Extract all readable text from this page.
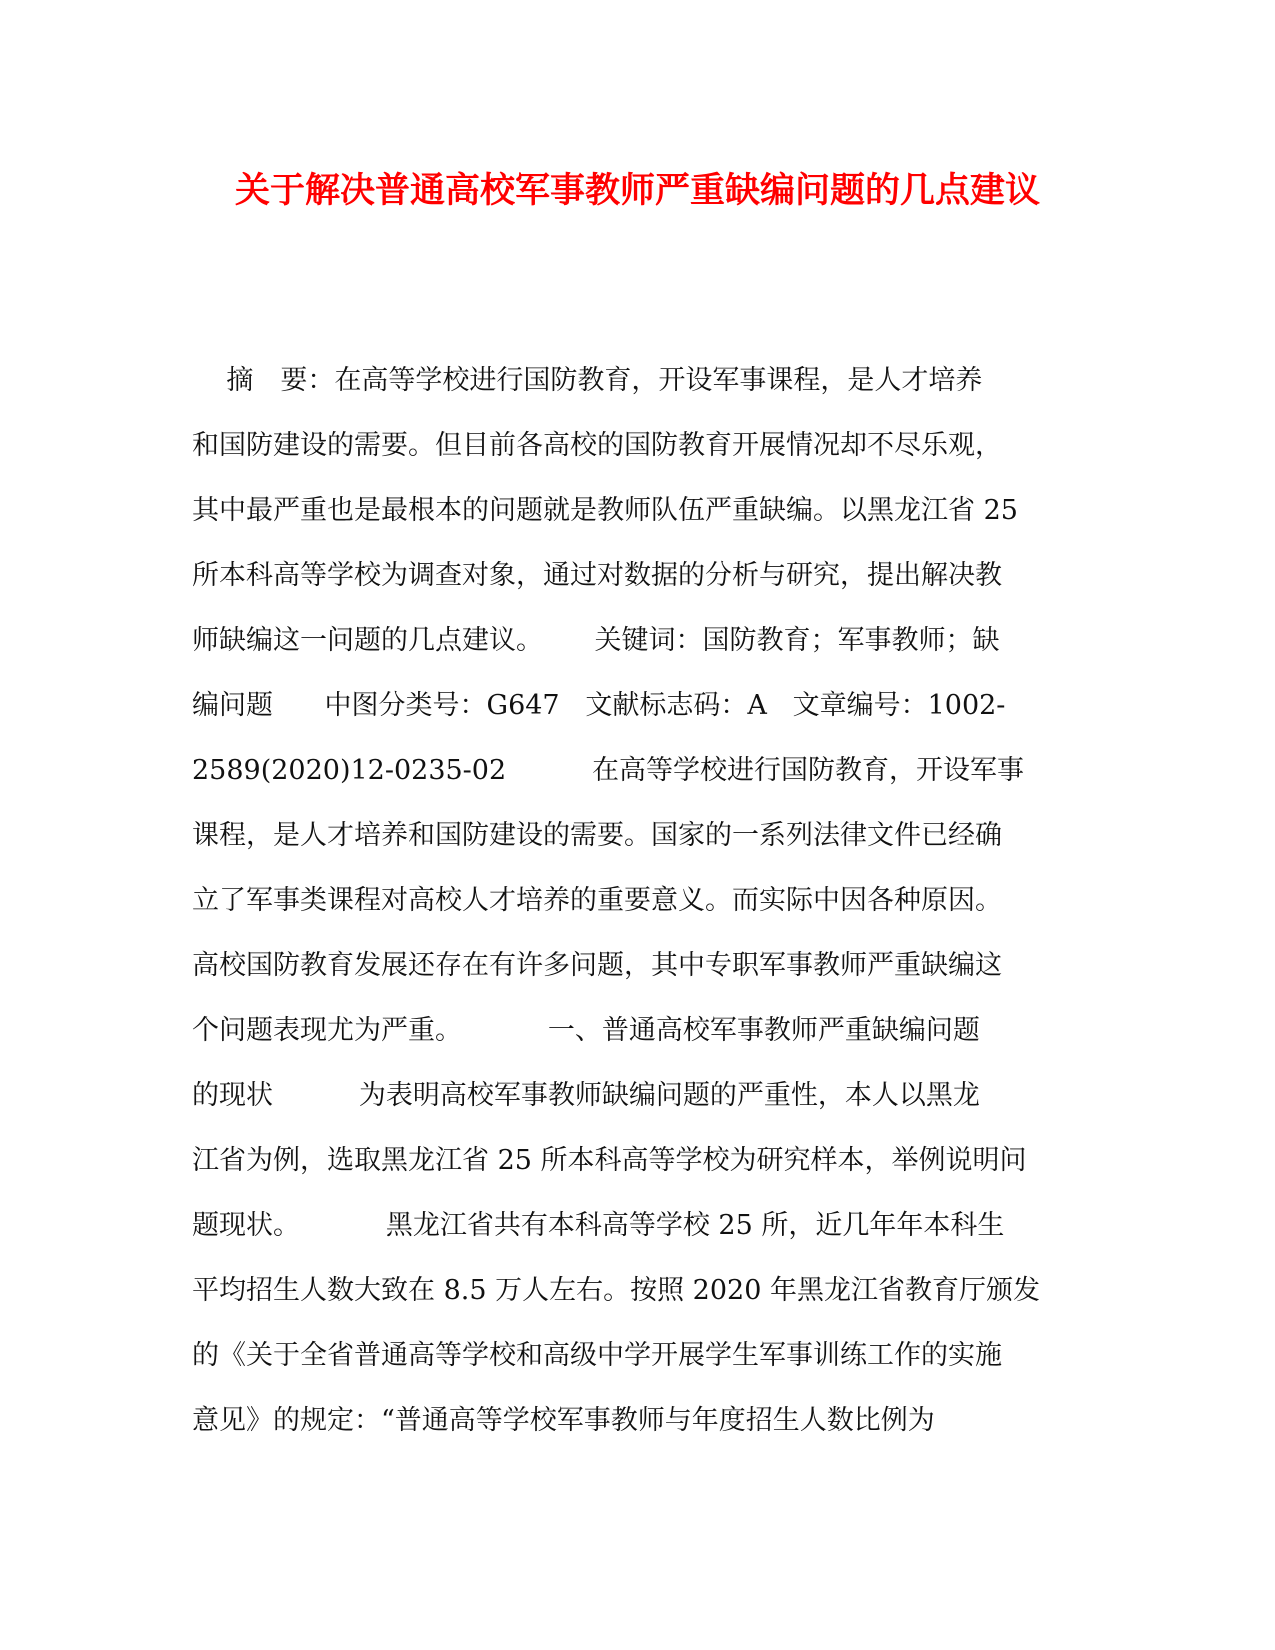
关于解决普通高校军事教师严重缺编问题的几点建议

摘　要：在高等学校进行国防教育，开设军事课程，是人才培养

和国防建设的需要。但目前各高校的国防教育开展情况却不尽乐观，

其中最严重也是最根本的问题就是教师队伍严重缺编。以黑龙江省 25

所本科高等学校为调查对象，通过对数据的分析与研究，提出解决教

师缺编这一问题的几点建议。      关键词：国防教育；军事教师；缺

编问题      中图分类号：G647   文献标志码：A   文章编号：1002-

2589(2020)12-0235-02          在高等学校进行国防教育，开设军事

课程，是人才培养和国防建设的需要。国家的一系列法律文件已经确

立了军事类课程对高校人才培养的重要意义。而实际中因各种原因。

高校国防教育发展还存在有许多问题，其中专职军事教师严重缺编这

个问题表现尤为严重。          一、普通高校军事教师严重缺编问题

的现状          为表明高校军事教师缺编问题的严重性，本人以黑龙

江省为例，选取黑龙江省 25 所本科高等学校为研究样本，举例说明问

题现状。          黑龙江省共有本科高等学校 25 所，近几年年本科生

平均招生人数大致在 8.5 万人左右。按照 2020 年黑龙江省教育厅颁发

的《关于全省普通高等学校和高级中学开展学生军事训练工作的实施

意见》的规定：“普通高等学校军事教师与年度招生人数比例为
